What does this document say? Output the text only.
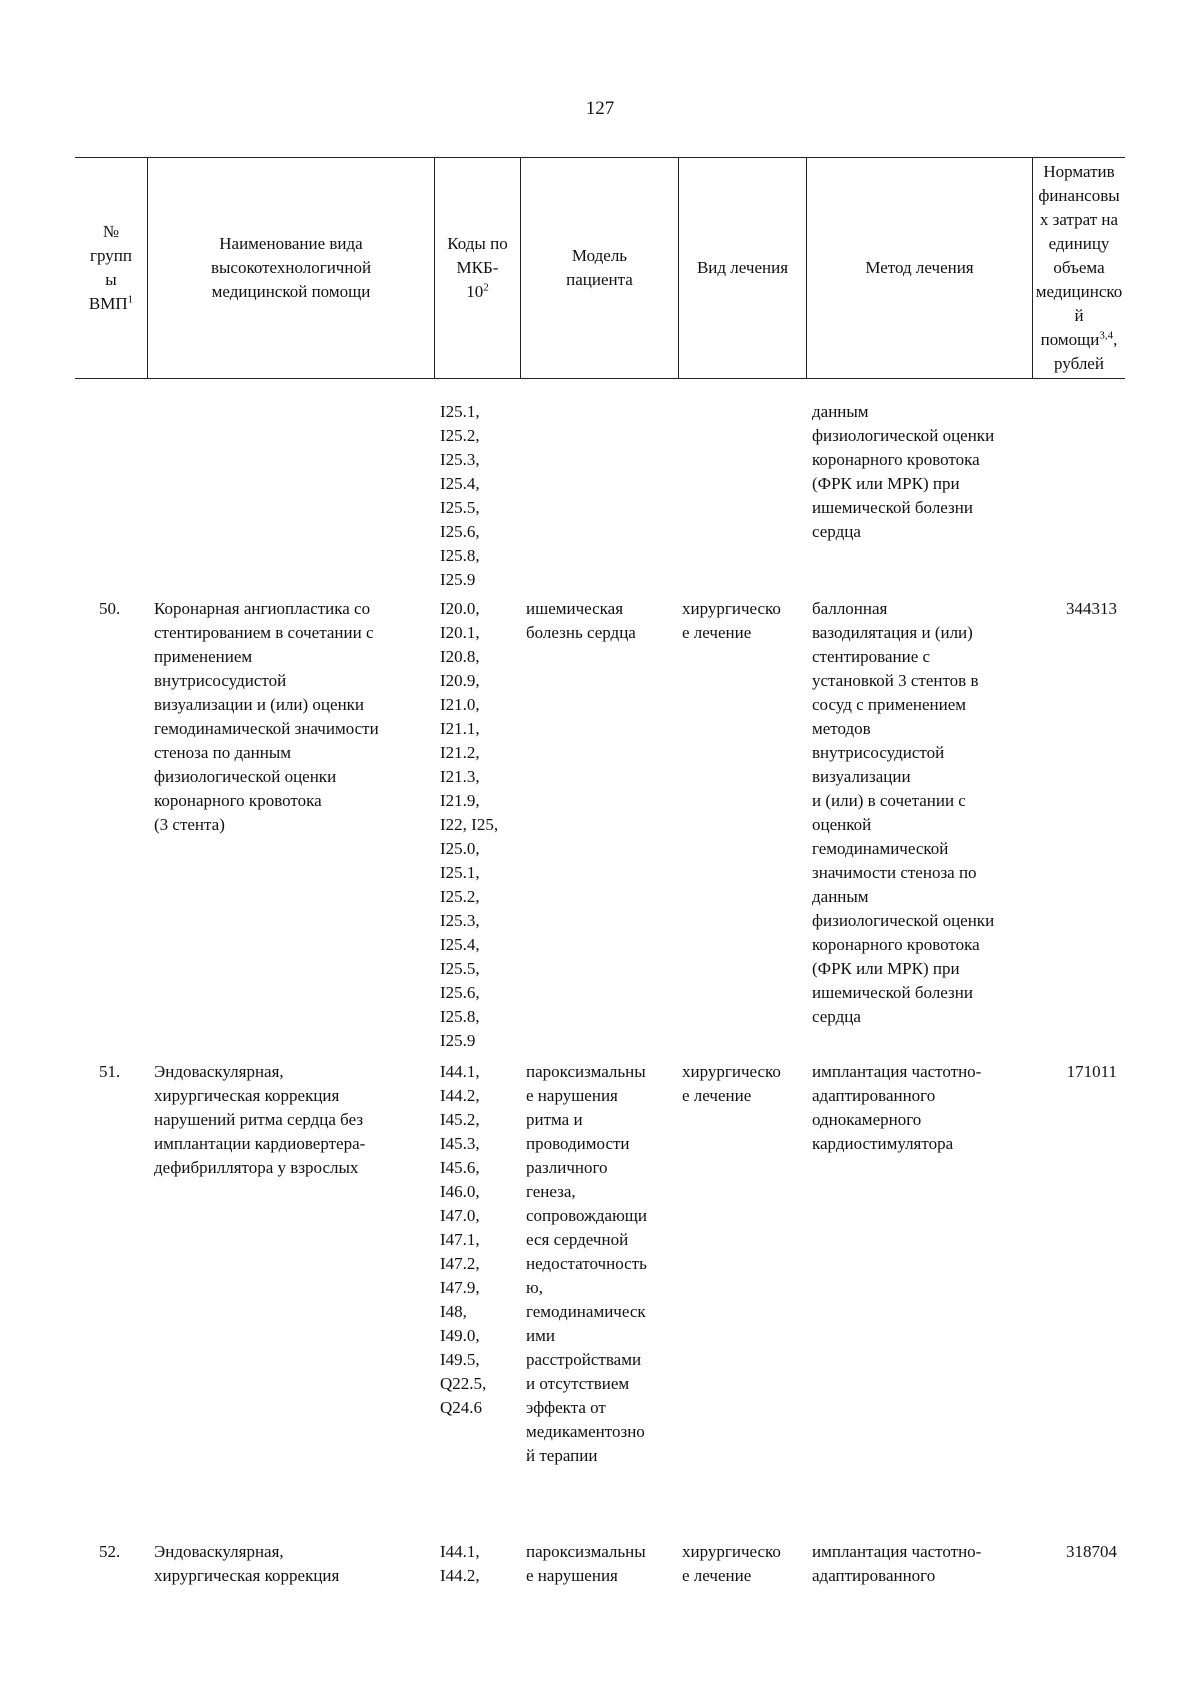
127
№
групп
ы
ВМП$^1$
Наименование вида
высокотехнологичной
медицинской помощи
Коды по
МКБ-
$10^2$
Модель
пациента
Вид лечения	Метод лечения
Норматив
финансовы
х затрат на
единицу
объема
медицинско
й
помощи$^{3,4}$,
рублей
I25.1,
I25.2,
I25.3,
I25.4,
I25.5,
I25.6,
I25.8,
I25.9
данным
физиологической оценки
коронарного кровотока
(ФРК или МРК) при
ишемической болезни
сердца
50. Коронарная ангиопластика со
стентированием в сочетании с
применением
внутрисосудистой
визуализации и (или) оценки
гемодинамической значимости
стеноза по данным
физиологической оценки
коронарного кровотока
(3 стента)
I20.0,
I20.1,
I20.8,
I20.9,
I21.0,
I21.1,
I21.2,
I21.3,
I21.9,
I22, I25,
I25.0,
I25.1,
I25.2,
I25.3,
I25.4,
I25.5,
I25.6,
I25.8,
I25.9
ишемическая
болезнь сердца
хирургическо
е лечение
баллонная
вазодилятация и (или)
стентирование с
установкой 3 стентов в
сосуд с применением
методов
внутрисосудистой
визуализации
и (или) в сочетании с
оценкой
гемодинамической
значимости стеноза по
данным
физиологической оценки
коронарного кровотока
(ФРК или МРК) при
ишемической болезни
сердца
344313
51. Эндоваскулярная,
хирургическая коррекция
нарушений ритма сердца без
имплантации кардиовертера-
дефибриллятора у взрослых
I44.1,
I44.2,
I45.2,
I45.3,
I45.6,
I46.0,
I47.0,
I47.1,
I47.2,
I47.9,
I48,
I49.0,
I49.5,
Q22.5,
Q24.6
пароксизмальны
е нарушения
ритма и
проводимости
различного
генеза,
сопровождающи
еся сердечной
недостаточность
ю,
гемодинамическ
ими
расстройствами
и отсутствием
эффекта от
медикаментозно
й терапии
хирургическо
е лечение
имплантация частотно-
адаптированного
однокамерного
кардиостимулятора
171011
52. Эндоваскулярная,
хирургическая коррекция
I44.1,
I44.2,
пароксизмальны
е нарушения
хирургическо
е лечение
имплантация частотно-
адаптированного
318704
